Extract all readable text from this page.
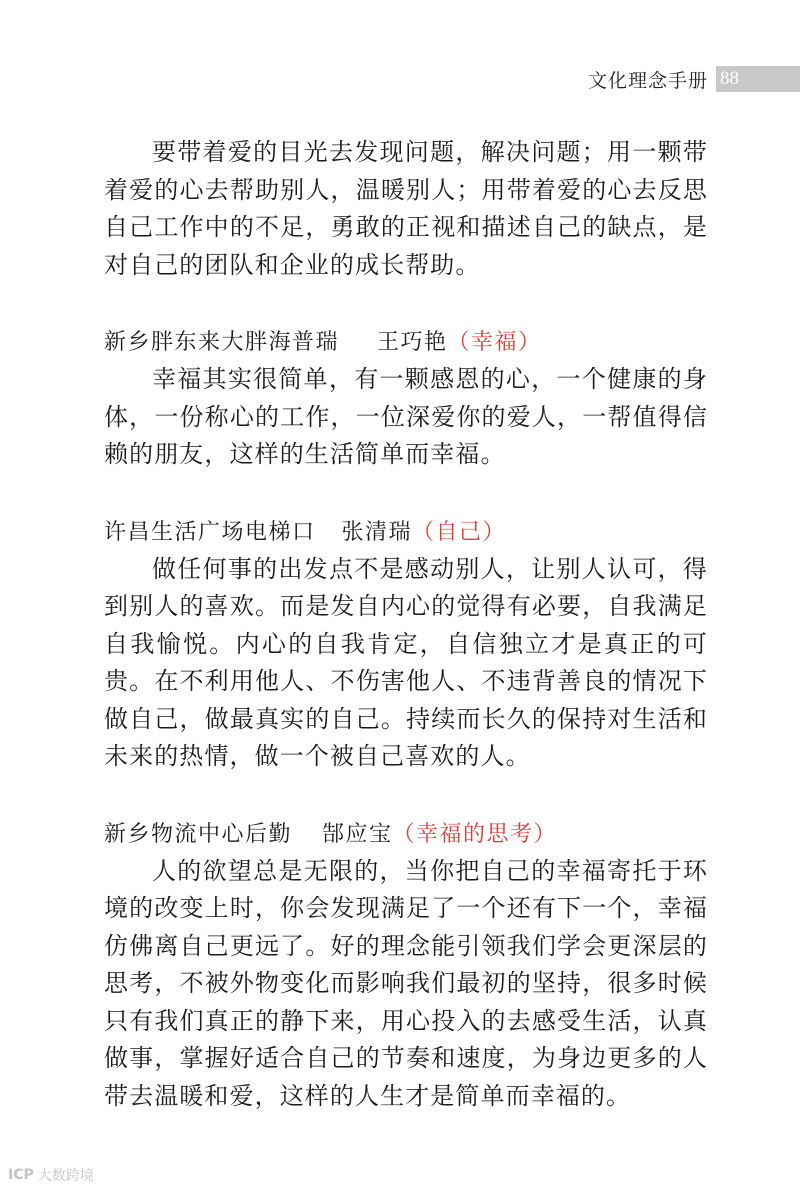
文化理念手册 88

要带着爱的目光去发现问题，解决问题；用一颗带着爱的心去帮助别人，温暖别人；用带着爱的心去反思自己工作中的不足，勇敢的正视和描述自己的缺点，是对自己的团队和企业的成长帮助。

新乡胖东来大胖海普瑞 王巧艳（幸福）

幸福其实很简单，有一颗感恩的心，一个健康的身体，一份称心的工作，一位深爱你的爱人，一帮值得信赖的朋友，这样的生活简单而幸福。

许昌生活广场电梯口 张清瑞（自己）

做任何事的出发点不是感动别人，让别人认可，得到别人的喜欢。而是发自内心的觉得有必要，自我满足自我愉悦。内心的自我肯定，自信独立才是真正的可贵。在不利用他人、不伤害他人、不违背善良的情况下做自己，做最真实的自己。持续而长久的保持对生活和未来的热情，做一个被自己喜欢的人。

新乡物流中心后勤 郜应宝（幸福的思考）

人的欲望总是无限的，当你把自己的幸福寄托于环境的改变上时，你会发现满足了一个还有下一个，幸福仿佛离自己更远了。好的理念能引领我们学会更深层的思考，不被外物变化而影响我们最初的坚持，很多时候只有我们真正的静下来，用心投入的去感受生活，认真做事，掌握好适合自己的节奏和速度，为身边更多的人带去温暖和爱，这样的人生才是简单而幸福的。

ICP 大数跨境
